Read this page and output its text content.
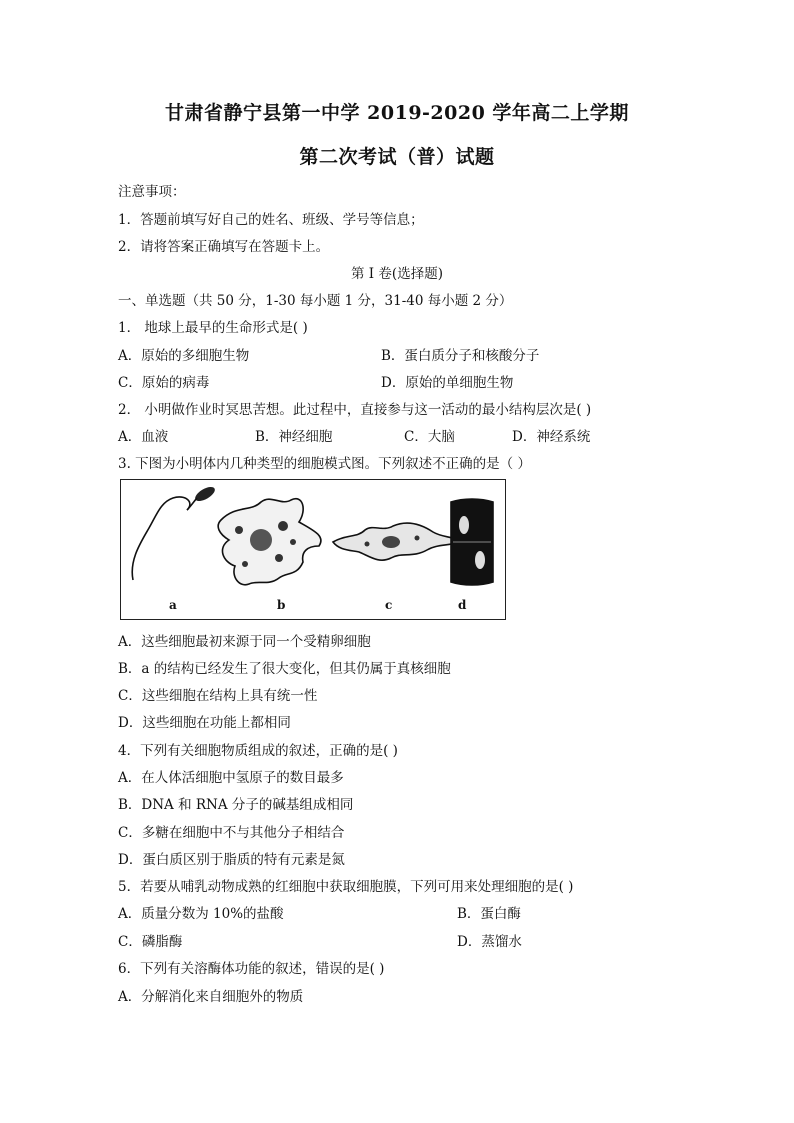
甘肃省静宁县第一中学 2019-2020 学年高二上学期
第二次考试（普）试题
注意事项：
1．答题前填写好自己的姓名、班级、学号等信息；
2．请将答案正确填写在答题卡上。
第 I 卷(选择题)
一、单选题（共 50 分，1-30 每小题 1 分，31-40 每小题 2 分）
1． 地球上最早的生命形式是( )
A．原始的多细胞生物	B．蛋白质分子和核酸分子
C．原始的病毒	D．原始的单细胞生物
2． 小明做作业时冥思苦想。此过程中，直接参与这一活动的最小结构层次是( )
A．血液	B．神经细胞	C．大脑	D．神经系统
3. 下图为小明体内几种类型的细胞模式图。下列叙述不正确的是（ ）
a	b	c	d
A．这些细胞最初来源于同一个受精卵细胞
B．a 的结构已经发生了很大变化，但其仍属于真核细胞
C．这些细胞在结构上具有统一性
D．这些细胞在功能上都相同
4．下列有关细胞物质组成的叙述，正确的是( )
A．在人体活细胞中氢原子的数目最多
B．DNA 和 RNA 分子的碱基组成相同
C．多糖在细胞中不与其他分子相结合
D．蛋白质区别于脂质的特有元素是氮
5．若要从哺乳动物成熟的红细胞中获取细胞膜，下列可用来处理细胞的是( )
A．质量分数为 10%的盐酸	B．蛋白酶
C．磷脂酶	D．蒸馏水
6．下列有关溶酶体功能的叙述，错误的是( )
A．分解消化来自细胞外的物质
